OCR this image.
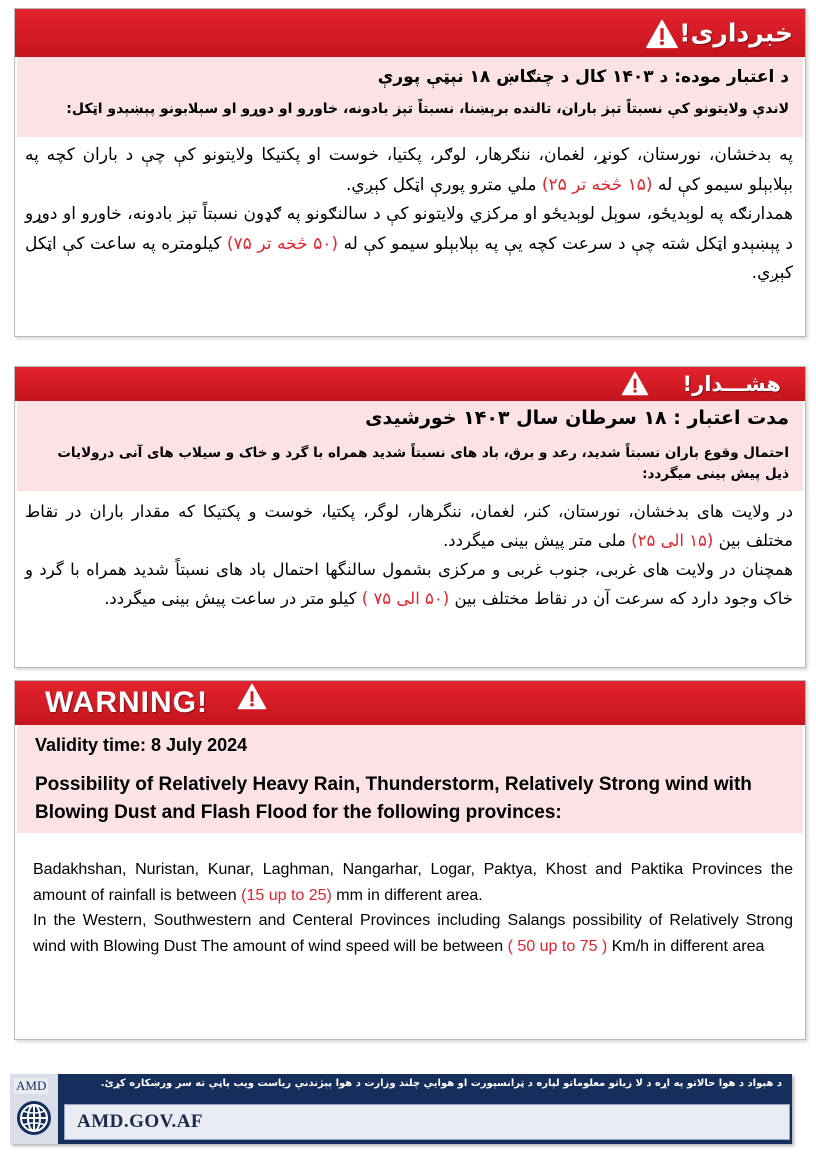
خبرداری!
د اعتبار موده: د ۱۴۰۳ کال د چنګاښ ۱۸ نېټې پورې
لاندې ولایتونو کې نسبتاً تېز باران، تالنده برېښنا، نسبتاً تېز بادونه، خاورو او دوړو او سېلابونو پېښېدو اټکل:
په بدخشان، نورستان، کونړ، لغمان، ننګرهار، لوګر، پکتیا، خوست او پکتیکا ولایتونو کې چې د باران کچه په بېلابېلو سیمو کې له (۱۵ څخه تر ۲۵) ملي مترو پورې اټکل کېږي.
همدارنګه په لوېدیځو، سوېل لوېدیځو او مرکزي ولایتونو کې د سالنګونو په ګډون نسبتاً تېز بادونه، خاورو او دوړو د پېښېدو اټکل شته چې د سرعت کچه یې په بېلابېلو سیمو کې له (۵۰ څخه تر ۷۵) کیلومتره په ساعت کې اټکل کېږي.
هشـــدار!
مدت اعتبار : ۱۸ سرطان سال ۱۴۰۳ خورشیدی
احتمال وقوع باران نسبتاً شدید، رعد و برق، باد های نسبتاً شدید همراه با گرد و خاک و سیلاب های آنی درولایات ذیل پیش بینی میگردد:
در ولایت های بدخشان، نورستان، کنر، لغمان، ننگرهار، لوگر، پکتیا، خوست و پکتیکا که مقدار باران در نقاط مختلف بین (۱۵ الی ۲۵) ملی متر پیش بینی میگردد.
همچنان در ولایت های غربی، جنوب غربی و مرکزی بشمول سالنگها احتمال باد های نسبتاً شدید همراه با گرد و خاک وجود دارد که سرعت آن در نقاط مختلف بین (۵۰ الی ۷۵ ) کیلو متر در ساعت پیش بینی میگردد.
WARNING!
Validity time: 8 July 2024
Possibility of Relatively Heavy Rain, Thunderstorm, Relatively Strong wind with Blowing Dust and Flash Flood for the following provinces:
Badakhshan, Nuristan, Kunar, Laghman, Nangarhar, Logar, Paktya, Khost and Paktika Provinces the amount of rainfall is between (15 up to 25) mm in different area.
In the Western, Southwestern and Centeral Provinces including Salangs possibility of Relatively Strong wind with Blowing Dust The amount of wind speed will be between ( 50 up to 75 ) Km/h in different area
AMD	د هېواد د هوا حالاتو په اړه د لا زیاتو معلوماتو لپاره د ټرانسپورت او هوایي چلند وزارت د هوا پېژندنې ریاست ویب پاڼې ته سر ورښکاره کړئ.
AMD.GOV.AF
